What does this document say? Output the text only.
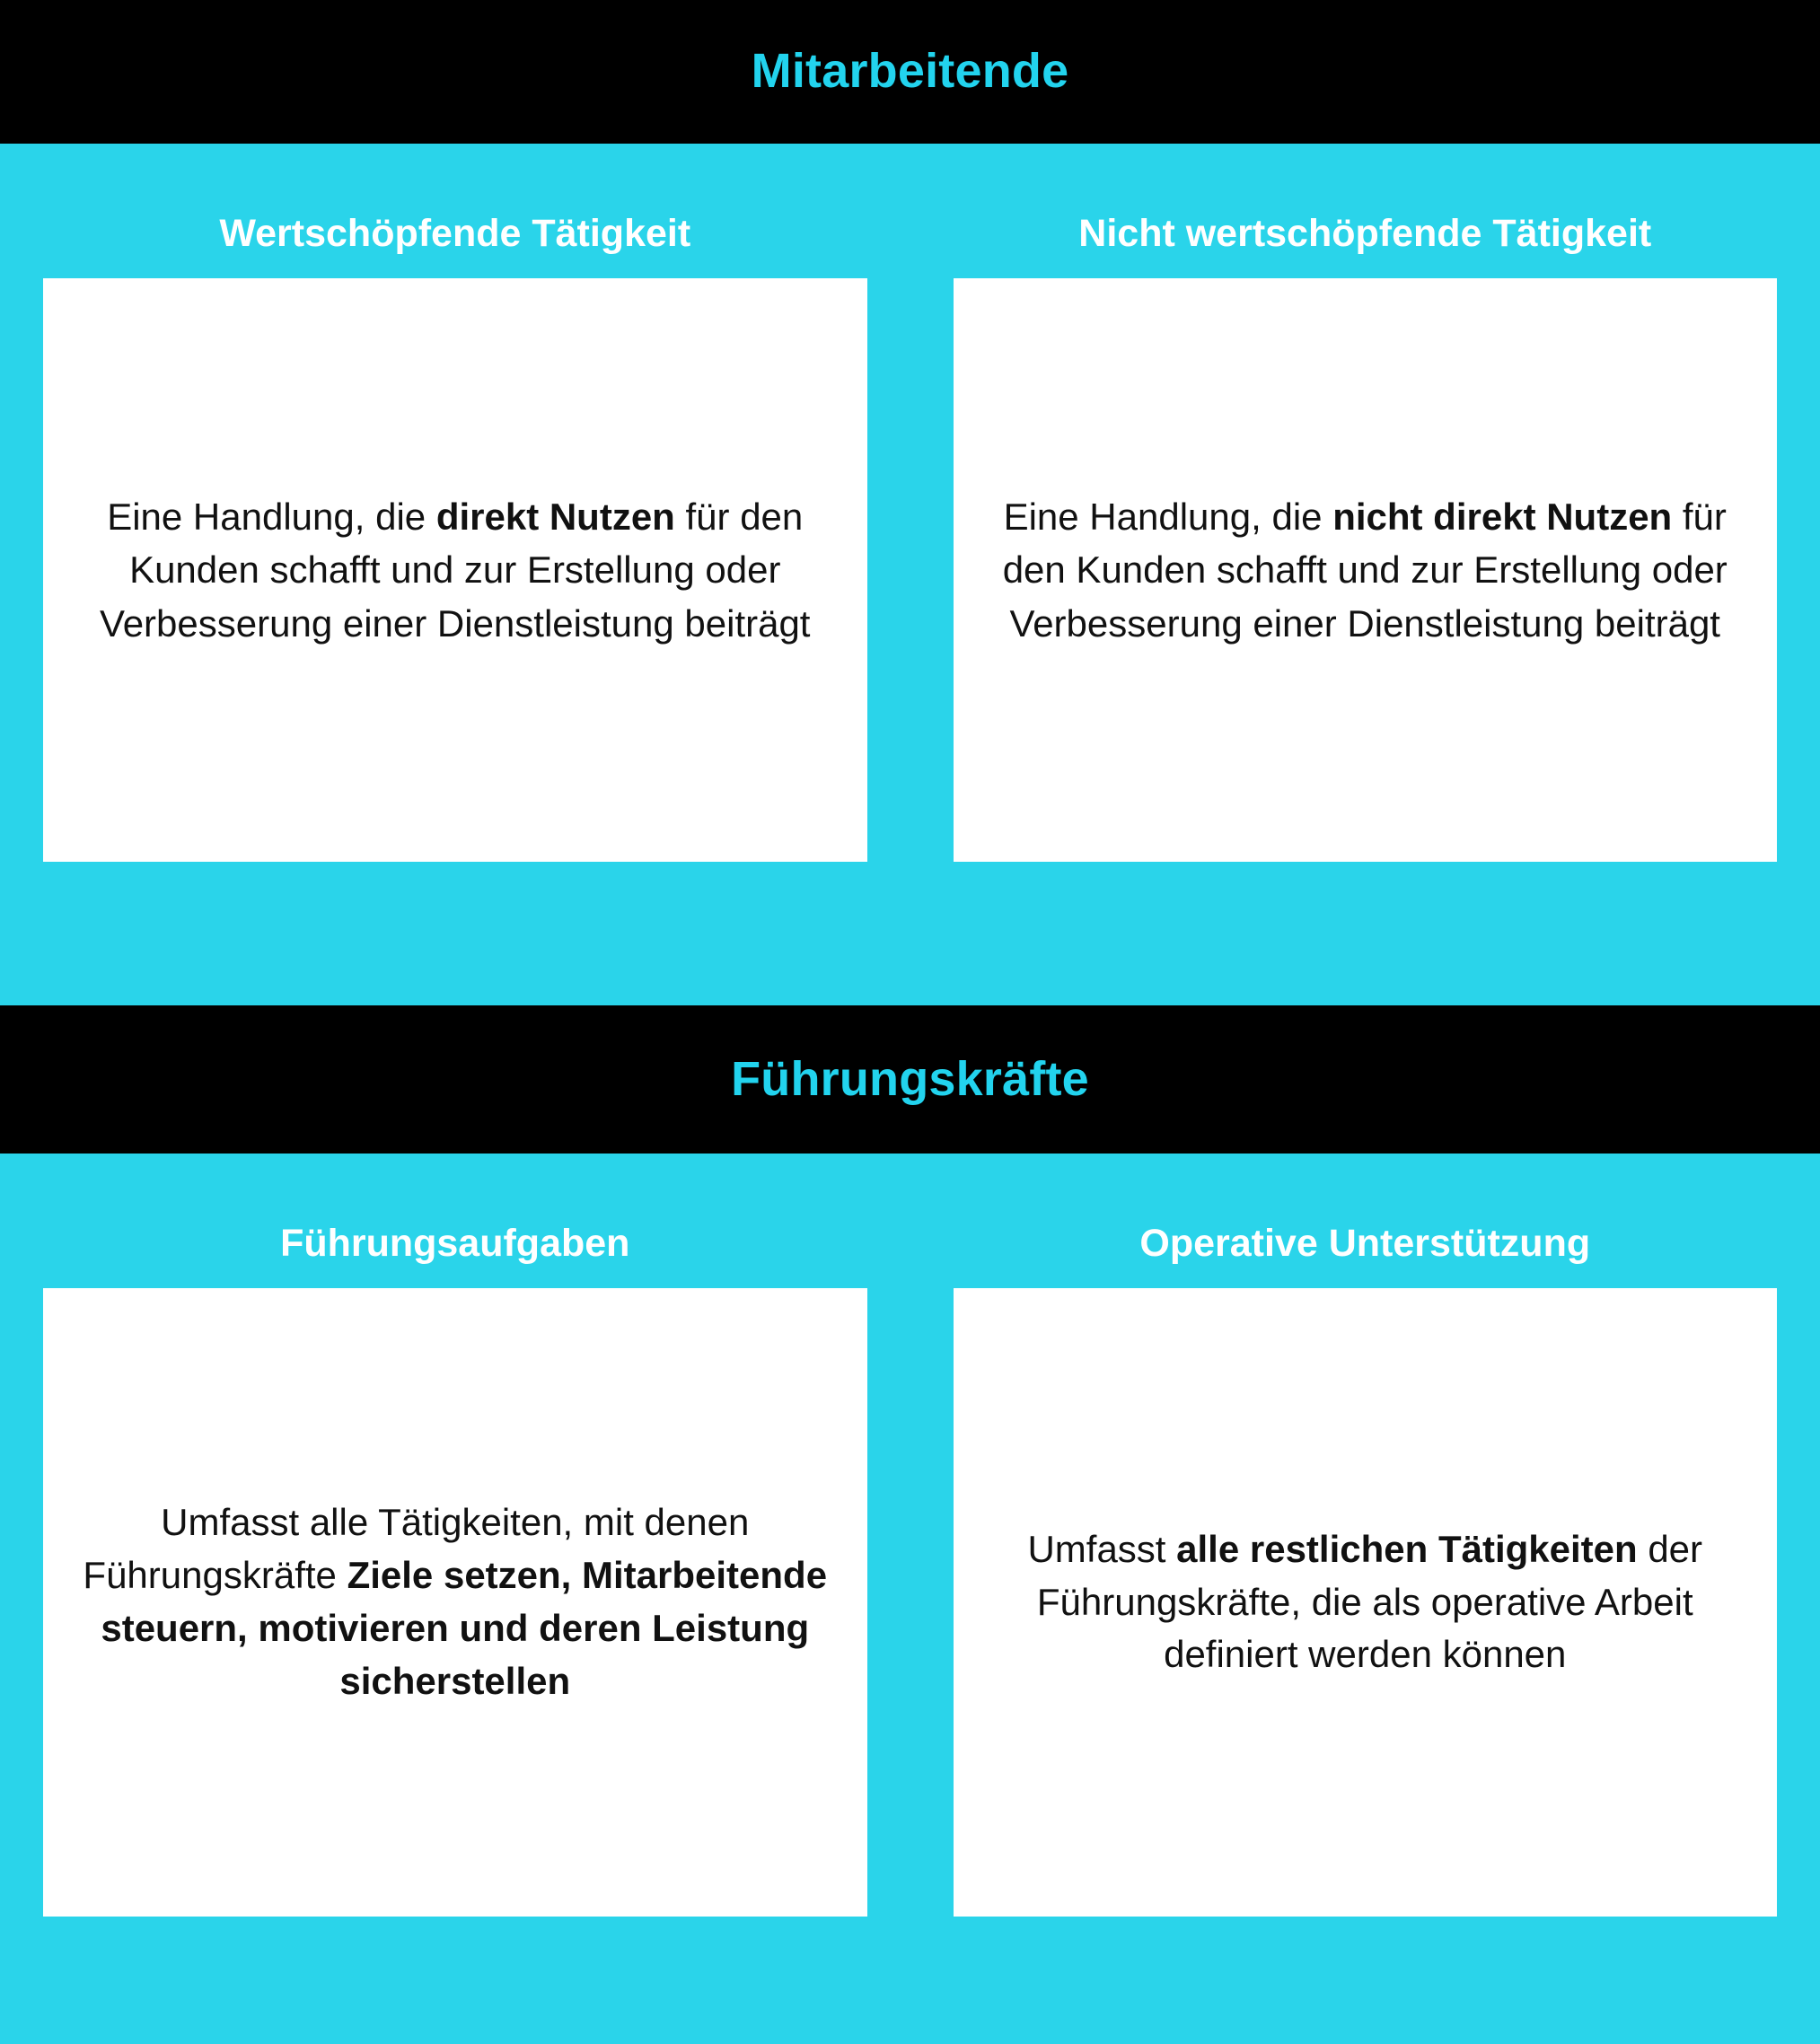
Mitarbeitende
Wertschöpfende Tätigkeit
Eine Handlung, die direkt Nutzen für den Kunden schafft und zur Erstellung oder Verbesserung einer Dienstleistung beiträgt
Nicht wertschöpfende Tätigkeit
Eine Handlung, die nicht direkt Nutzen für den Kunden schafft und zur Erstellung oder Verbesserung einer Dienstleistung beiträgt
Führungskräfte
Führungsaufgaben
Umfasst alle Tätigkeiten, mit denen Führungskräfte Ziele setzen, Mitarbeitende steuern, motivieren und deren Leistung sicherstellen
Operative Unterstützung
Umfasst alle restlichen Tätigkeiten der Führungskräfte, die als operative Arbeit definiert werden können
